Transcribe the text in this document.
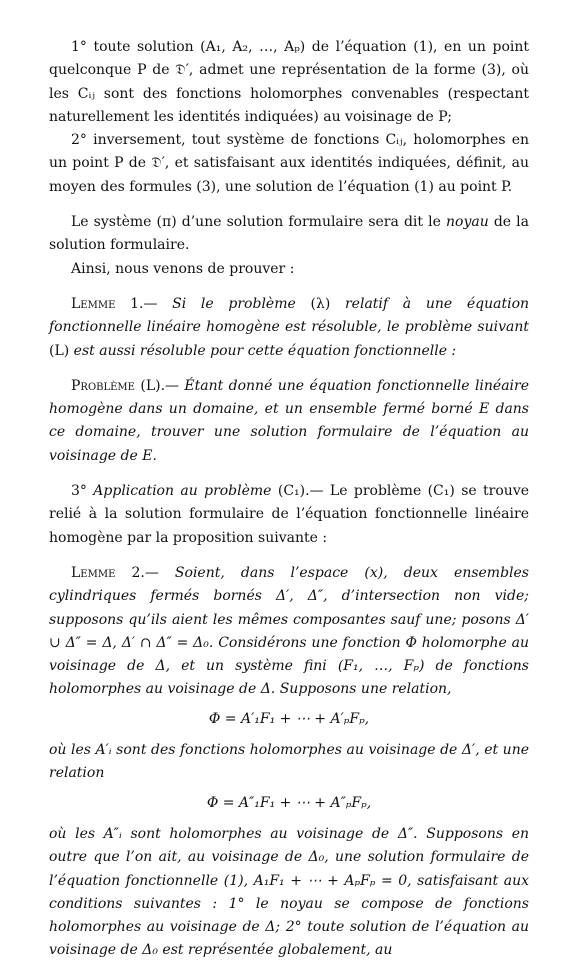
1° toute solution (A₁, A₂, …, Aₚ) de l’équation (1), en un point quelconque P de 𝔇′, admet une représentation de la forme (3), où les Cᵢⱼ sont des fonctions holomorphes convenables (respectant naturellement les identités indiquées) au voisinage de P;

2° inversement, tout système de fonctions Cᵢⱼ, holomorphes en un point P de 𝔇′, et satisfaisant aux identités indiquées, définit, au moyen des formules (3), une solution de l’équation (1) au point P.

Le système (π) d’une solution formulaire sera dit le noyau de la solution formulaire.

Ainsi, nous venons de prouver :

Lemme 1.— Si le problème (λ) relatif à une équation fonctionnelle linéaire homogène est résoluble, le problème suivant (L) est aussi résoluble pour cette équation fonctionnelle :

Problème (L).— Étant donné une équation fonctionnelle linéaire homogène dans un domaine, et un ensemble fermé borné E dans ce domaine, trouver une solution formulaire de l’équation au voisinage de E.

3° Application au problème (C₁).— Le problème (C₁) se trouve relié à la solution formulaire de l’équation fonctionnelle linéaire homogène par la proposition suivante :

Lemme 2.— Soient, dans l’espace (x), deux ensembles cylindriques fermés bornés Δ′, Δ″, d’intersection non vide; supposons qu’ils aient les mêmes composantes sauf une; posons Δ′ ∪ Δ″ = Δ, Δ′ ∩ Δ″ = Δ₀. Considérons une fonction Φ holomorphe au voisinage de Δ, et un système fini (F₁, …, Fₚ) de fonctions holomorphes au voisinage de Δ. Supposons une relation,

Φ = A′₁F₁ + ⋯ + A′ₚFₚ,

où les A′ᵢ sont des fonctions holomorphes au voisinage de Δ′, et une relation

Φ = A″₁F₁ + ⋯ + A″ₚFₚ,

où les A″ᵢ sont holomorphes au voisinage de Δ″. Supposons en outre que l’on ait, au voisinage de Δ₀, une solution formulaire de l’équation fonctionnelle (1), A₁F₁ + ⋯ + AₚFₚ = 0, satisfaisant aux conditions suivantes : 1° le noyau se compose de fonctions holomorphes au voisinage de Δ; 2° toute solution de l’équation au voisinage de Δ₀ est représentée globalement, au
